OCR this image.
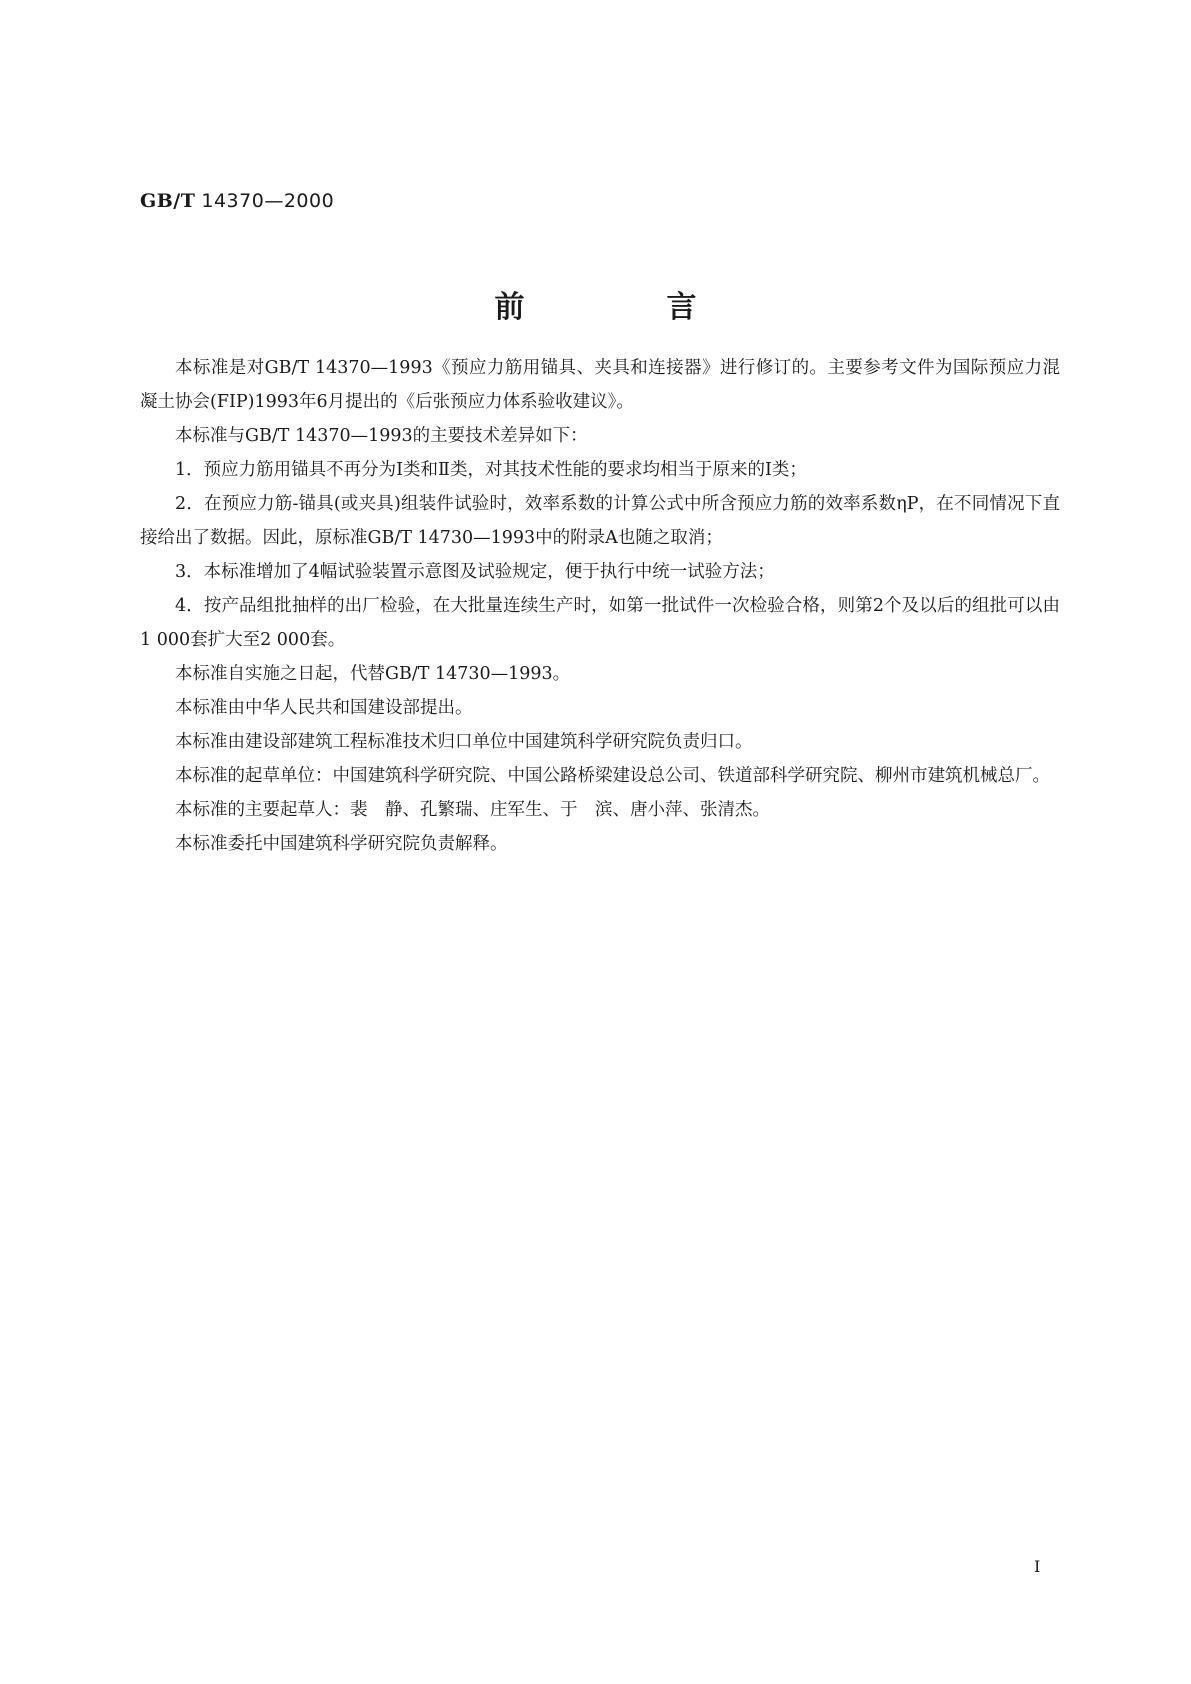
GB/T 14370—2000
前　言

本标准是对GB/T 14370—1993《预应力筋用锚具、夹具和连接器》进行修订的。主要参考文件为国际预应力混凝土协会(FIP)1993年6月提出的《后张预应力体系验收建议》。

本标准与GB/T 14370—1993的主要技术差异如下：

1．预应力筋用锚具不再分为Ⅰ类和Ⅱ类，对其技术性能的要求均相当于原来的Ⅰ类；

2．在预应力筋-锚具(或夹具)组装件试验时，效率系数的计算公式中所含预应力筋的效率系数ηP，在不同情况下直接给出了数据。因此，原标准GB/T 14730—1993中的附录A也随之取消；

3．本标准增加了4幅试验装置示意图及试验规定，便于执行中统一试验方法；

4．按产品组批抽样的出厂检验，在大批量连续生产时，如第一批试件一次检验合格，则第2个及以后的组批可以由1 000套扩大至2 000套。

本标准自实施之日起，代替GB/T 14730—1993。

本标准由中华人民共和国建设部提出。

本标准由建设部建筑工程标准技术归口单位中国建筑科学研究院负责归口。

本标准的起草单位：中国建筑科学研究院、中国公路桥梁建设总公司、铁道部科学研究院、柳州市建筑机械总厂。

本标准的主要起草人：裴　静、孔繁瑞、庄军生、于　滨、唐小萍、张清杰。

本标准委托中国建筑科学研究院负责解释。

Ⅰ
